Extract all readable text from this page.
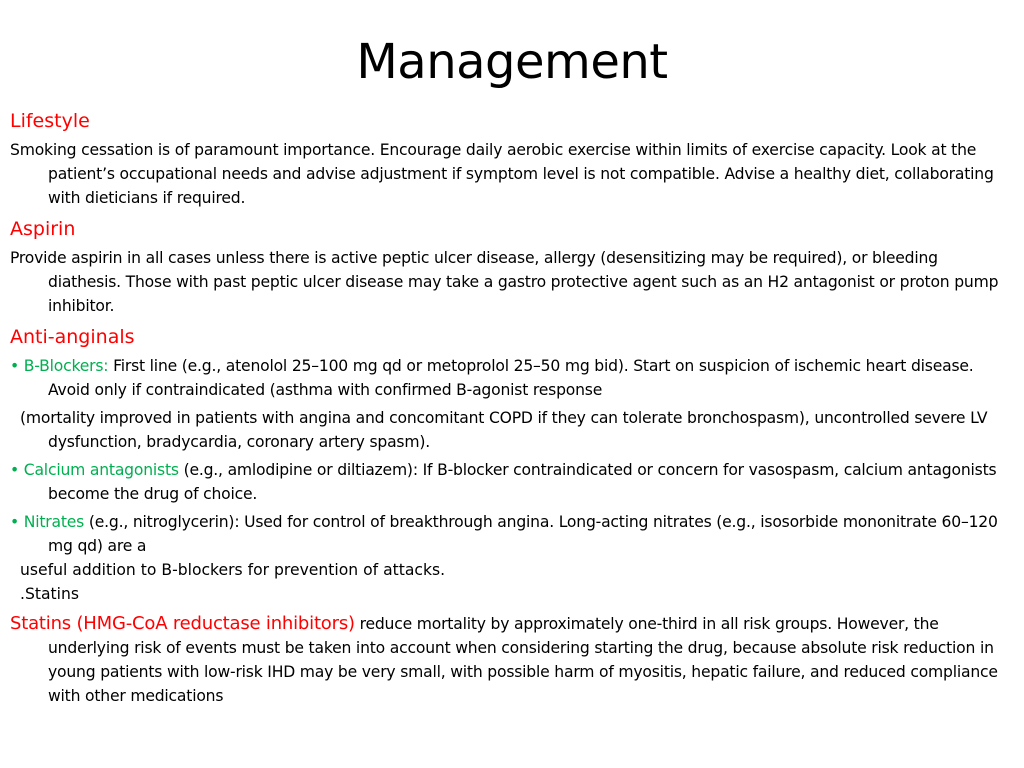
Management

Lifestyle

Smoking cessation is of paramount importance. Encourage daily aerobic exercise within limits of exercise capacity. Look at the patient’s occupational needs and advise adjustment if symptom level is not compatible. Advise a healthy diet, collaborating with dieticians if required.

Aspirin

Provide aspirin in all cases unless there is active peptic ulcer disease, allergy (desensitizing may be required), or bleeding diathesis. Those with past peptic ulcer disease may take a gastro protective agent such as an H2 antagonist or proton pump inhibitor.

Anti-anginals

• B-Blockers: First line (e.g., atenolol 25–100 mg qd or metoprolol 25–50 mg bid). Start on suspicion of ischemic heart disease. Avoid only if contraindicated (asthma with confirmed B-agonist response

(mortality improved in patients with angina and concomitant COPD if they can tolerate bronchospasm), uncontrolled severe LV dysfunction, bradycardia, coronary artery spasm).

• Calcium antagonists (e.g., amlodipine or diltiazem): If B-blocker contraindicated or concern for vasospasm, calcium antagonists become the drug of choice.

• Nitrates (e.g., nitroglycerin): Used for control of breakthrough angina. Long-acting nitrates (e.g., isosorbide mononitrate 60–120 mg qd) are a

useful addition to B-blockers for prevention of attacks.

.Statins

Statins (HMG-CoA reductase inhibitors) reduce mortality by approximately one-third in all risk groups. However, the underlying risk of events must be taken into account when considering starting the drug, because absolute risk reduction in young patients with low-risk IHD may be very small, with possible harm of myositis, hepatic failure, and reduced compliance with other medications
